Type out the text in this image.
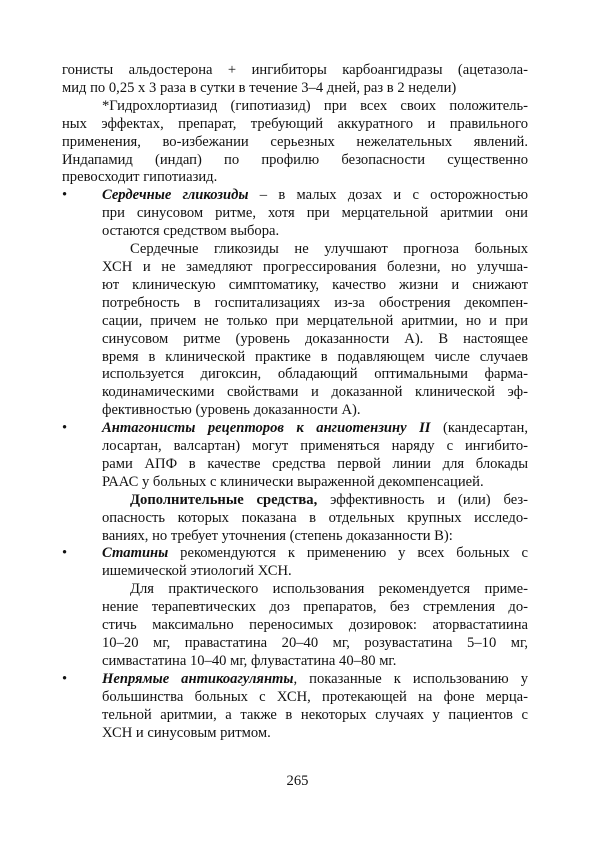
гонисты альдостерона + ингибиторы карбоангидразы (ацетазола-
мид по 0,25 х 3 раза в сутки в течение 3–4 дней, раз в 2 недели)
*Гидрохлортиазид (гипотиазид) при всех своих положитель-
ных эффектах, препарат, требующий аккуратного и правильного
применения, во-избежании серьезных нежелательных явлений.
Индапамид (индап) по профилю безопасности существенно
превосходит гипотиазид.
• Сердечные гликозиды – в малых дозах и с осторожностью
при синусовом ритме, хотя при мерцательной аритмии они
остаются средством выбора.
Сердечные гликозиды не улучшают прогноза больных
ХСН и не замедляют прогрессирования болезни, но улучша-
ют клиническую симптоматику, качество жизни и снижают
потребность в госпитализациях из-за обострения декомпен-
сации, причем не только при мерцательной аритмии, но и при
синусовом ритме (уровень доказанности А). В настоящее
время в клинической практике в подавляющем числе случаев
используется дигоксин, обладающий оптимальными фарма-
кодинамическими свойствами и доказанной клинической эф-
фективностью (уровень доказанности А).
• Антагонисты рецепторов к ангиотензину II (кандесартан,
лосартан, валсартан) могут применяться наряду с ингибито-
рами АПФ в качестве средства первой линии для блокады
РААС у больных с клинически выраженной декомпенсацией.
Дополнительные средства, эффективность и (или) без-
опасность которых показана в отдельных крупных исследо-
ваниях, но требует уточнения (степень доказанности В):
• Статины рекомендуются к применению у всех больных с
ишемической этиологий ХСН.
Для практического использования рекомендуется приме-
нение терапевтических доз препаратов, без стремления до-
стичь максимально переносимых дозировок: аторвастатиина
10–20 мг, правастатина 20–40 мг, розувастатина 5–10 мг,
симвастатина 10–40 мг, флувастатина 40–80 мг.
• Непрямые антикоагулянты, показанные к использованию у
большинства больных с ХСН, протекающей на фоне мерца-
тельной аритмии, а также в некоторых случаях у пациентов с
ХСН и синусовым ритмом.
265
